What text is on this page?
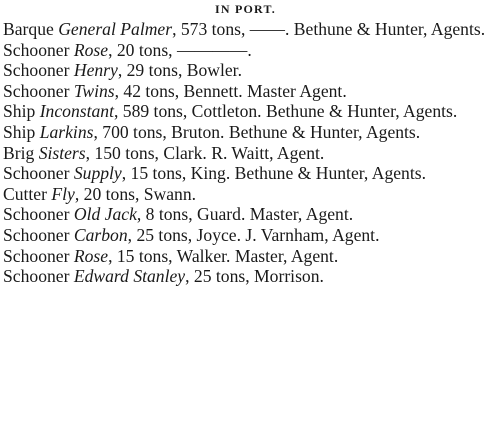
IN PORT.
Barque General Palmer, 573 tons, ——. Bethune & Hunter, Agents.
Schooner Rose, 20 tons, ————.
Schooner Henry, 29 tons, Bowler.
Schooner Twins, 42 tons, Bennett. Master Agent.
Ship Inconstant, 589 tons, Cottleton. Bethune & Hunter, Agents.
Ship Larkins, 700 tons, Bruton. Bethune & Hunter, Agents.
Brig Sisters, 150 tons, Clark. R. Waitt, Agent.
Schooner Supply, 15 tons, King. Bethune & Hunter, Agents.
Cutter Fly, 20 tons, Swann.
Schooner Old Jack, 8 tons, Guard. Master, Agent.
Schooner Carbon, 25 tons, Joyce. J. Varnham, Agent.
Schooner Rose, 15 tons, Walker. Master, Agent.
Schooner Edward Stanley, 25 tons, Morrison.
